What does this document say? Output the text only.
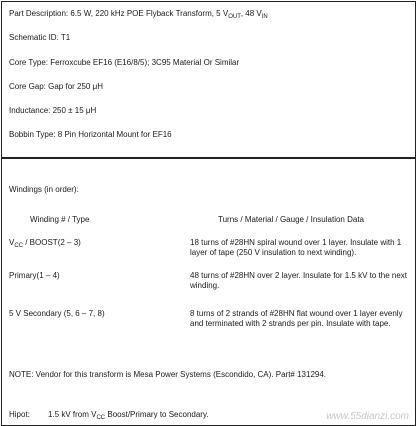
Part Description: 6.5 W, 220 kHz POE Flyback Transform, 5 $V_{OUT}$, 48 $V_{IN}$
Schematic ID: T1
Core Type: Ferroxcube EF16 (E16/8/5); 3C95 Material Or Similar
Core Gap: Gap for 250 μH
Inductance: 250 ± 15 μH
Bobbin Type: 8 Pin Horizontal Mount for EF16
Windings (in order):
Winding # / Type	Turns / Material / Gauge / Insulation Data
$V_{CC}$ / BOOST(2 – 3)	18 turns of #28HN spiral wound over 1 layer. Insulate with 1 layer of tape (250 V insulation to next winding).
Primary(1 – 4)	48 turns of #28HN over 2 layer. Insulate for 1.5 kV to the next winding.
5 V Secondary (5, 6 – 7, 8)	8 turns of 2 strands of #28HN flat wound over 1 layer evenly and terminated with 2 strands per pin. Insulate with tape.
NOTE: Vendor for this transform is Mesa Power Systems (Escondido, CA). Part# 131294.
Hipot: 1.5 kV from $V_{CC}$ Boost/Primary to Secondary.	www.55dianzi.com
